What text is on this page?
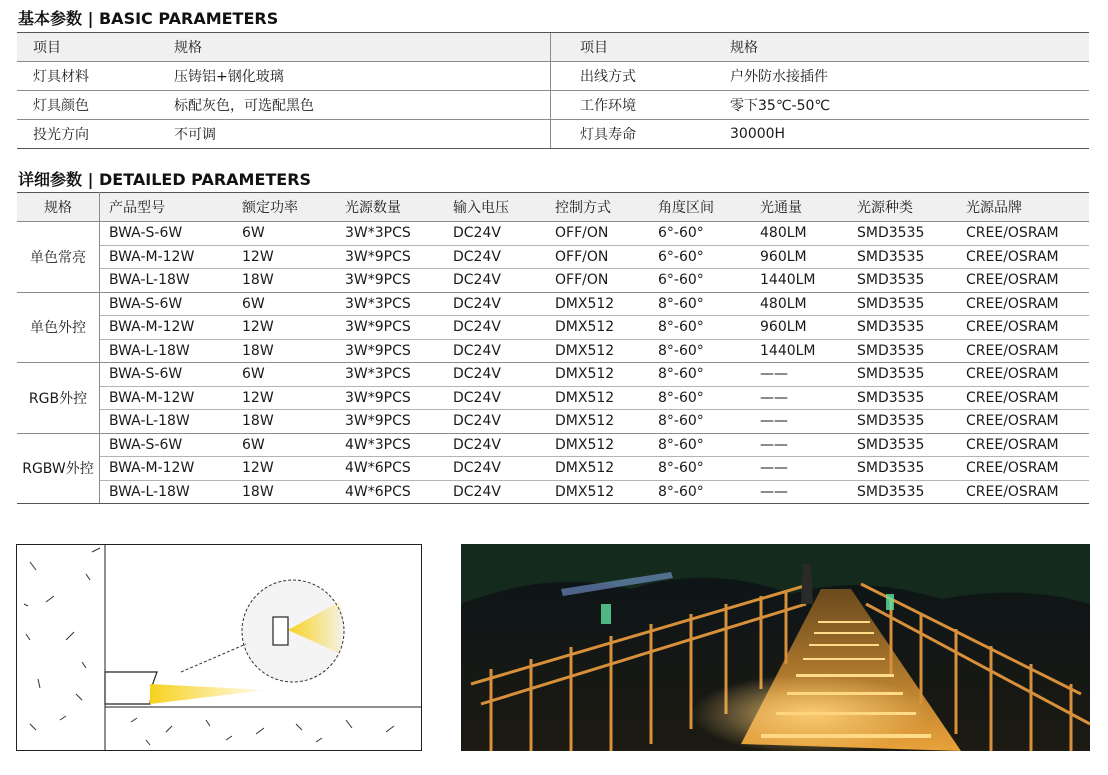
基本参数 | BASIC PARAMETERS
项目	规格	项目	规格
灯具材料	压铸铝+钢化玻璃	出线方式	户外防水接插件
灯具颜色	标配灰色，可选配黑色	工作环境	零下35℃-50℃
投光方向	不可调	灯具寿命	30000H
详细参数 | DETAILED PARAMETERS
规格	产品型号	额定功率	光源数量	输入电压	控制方式	角度区间	光通量	光源种类	光源品牌
单色常亮	BWA-S-6W	6W	3W*3PCS	DC24V	OFF/ON	6°-60°	480LM	SMD3535	CREE/OSRAM
	BWA-M-12W	12W	3W*9PCS	DC24V	OFF/ON	6°-60°	960LM	SMD3535	CREE/OSRAM
	BWA-L-18W	18W	3W*9PCS	DC24V	OFF/ON	6°-60°	1440LM	SMD3535	CREE/OSRAM
单色外控	BWA-S-6W	6W	3W*3PCS	DC24V	DMX512	8°-60°	480LM	SMD3535	CREE/OSRAM
	BWA-M-12W	12W	3W*9PCS	DC24V	DMX512	8°-60°	960LM	SMD3535	CREE/OSRAM
	BWA-L-18W	18W	3W*9PCS	DC24V	DMX512	8°-60°	1440LM	SMD3535	CREE/OSRAM
RGB外控	BWA-S-6W	6W	3W*3PCS	DC24V	DMX512	8°-60°	——	SMD3535	CREE/OSRAM
	BWA-M-12W	12W	3W*9PCS	DC24V	DMX512	8°-60°	——	SMD3535	CREE/OSRAM
	BWA-L-18W	18W	3W*9PCS	DC24V	DMX512	8°-60°	——	SMD3535	CREE/OSRAM
RGBW外控	BWA-S-6W	6W	4W*3PCS	DC24V	DMX512	8°-60°	——	SMD3535	CREE/OSRAM
	BWA-M-12W	12W	4W*6PCS	DC24V	DMX512	8°-60°	——	SMD3535	CREE/OSRAM
	BWA-L-18W	18W	4W*6PCS	DC24V	DMX512	8°-60°	——	SMD3535	CREE/OSRAM
